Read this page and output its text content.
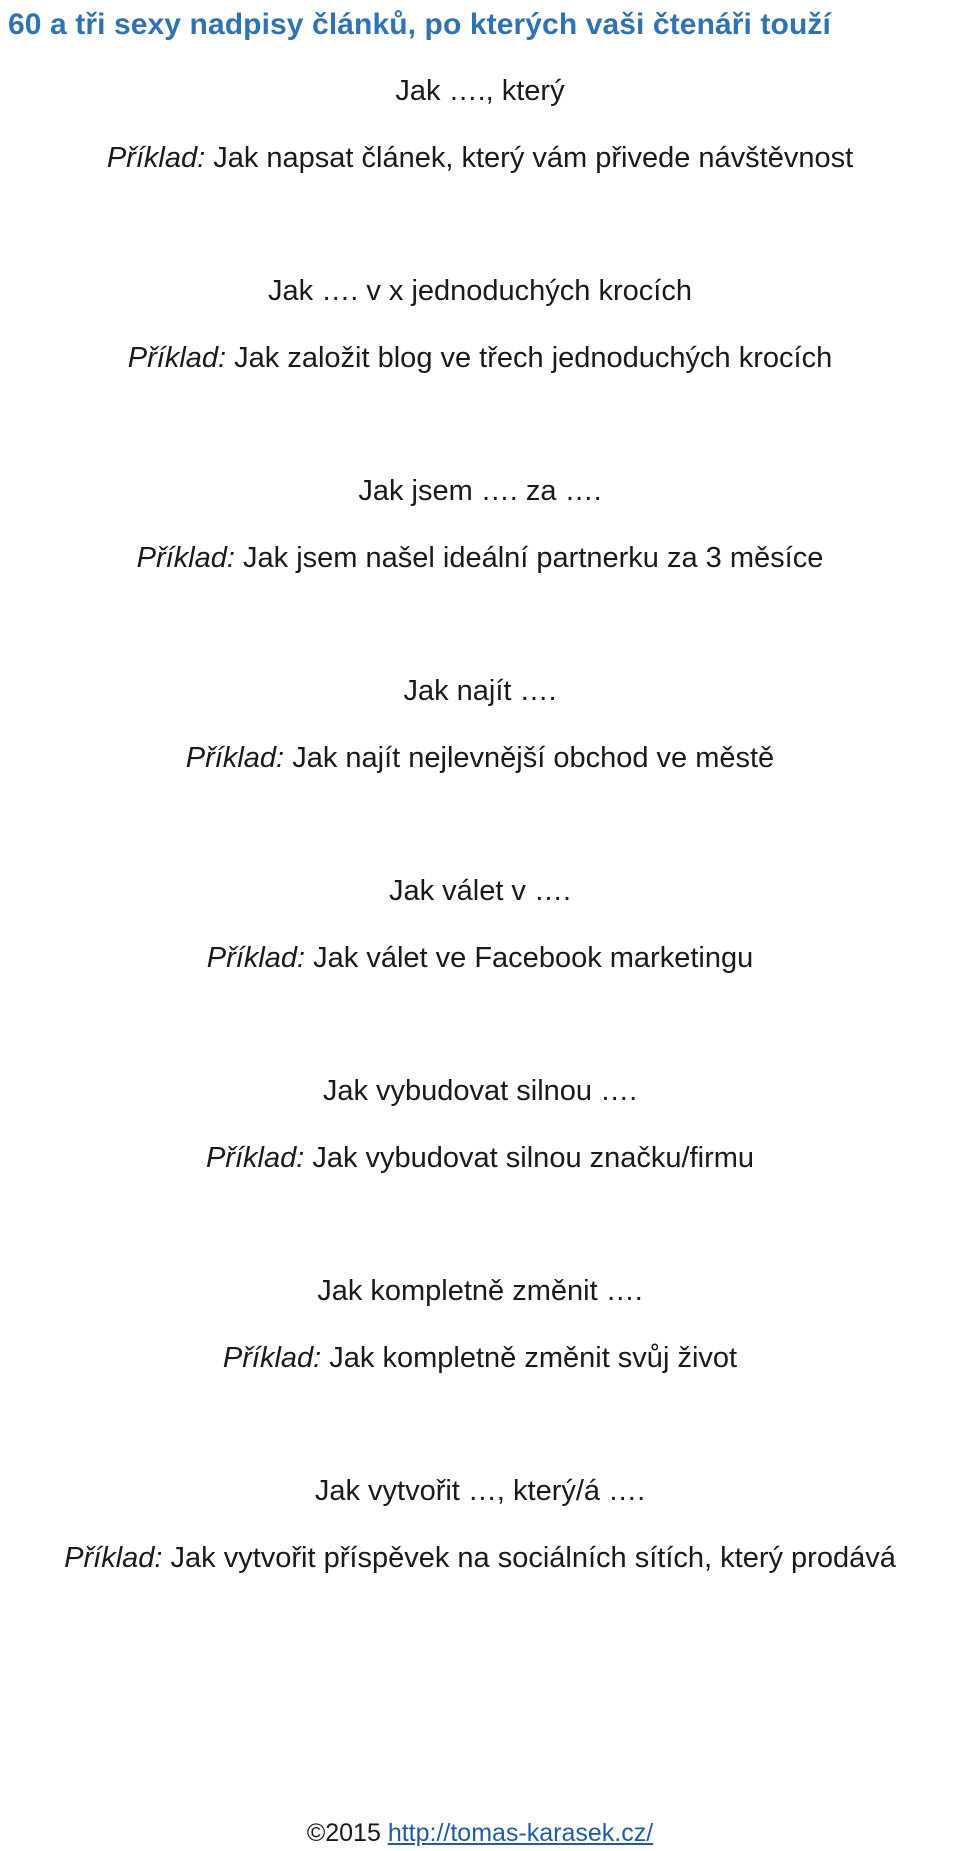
60 a tři sexy nadpisy článků, po kterých vaši čtenáři touží
Jak …., který
Příklad: Jak napsat článek, který vám přivede návštěvnost
Jak …. v x jednoduchých krocích
Příklad: Jak založit blog ve třech jednoduchých krocích
Jak jsem …. za ….
Příklad: Jak jsem našel ideální partnerku za 3 měsíce
Jak najít ….
Příklad: Jak najít nejlevnější obchod ve městě
Jak válet v ….
Příklad: Jak válet ve Facebook marketingu
Jak vybudovat silnou ….
Příklad: Jak vybudovat silnou značku/firmu
Jak kompletně změnit ….
Příklad: Jak kompletně změnit svůj život
Jak vytvořit …, který/á ….
Příklad: Jak vytvořit příspěvek na sociálních sítích, který prodává
©2015 http://tomas-karasek.cz/
